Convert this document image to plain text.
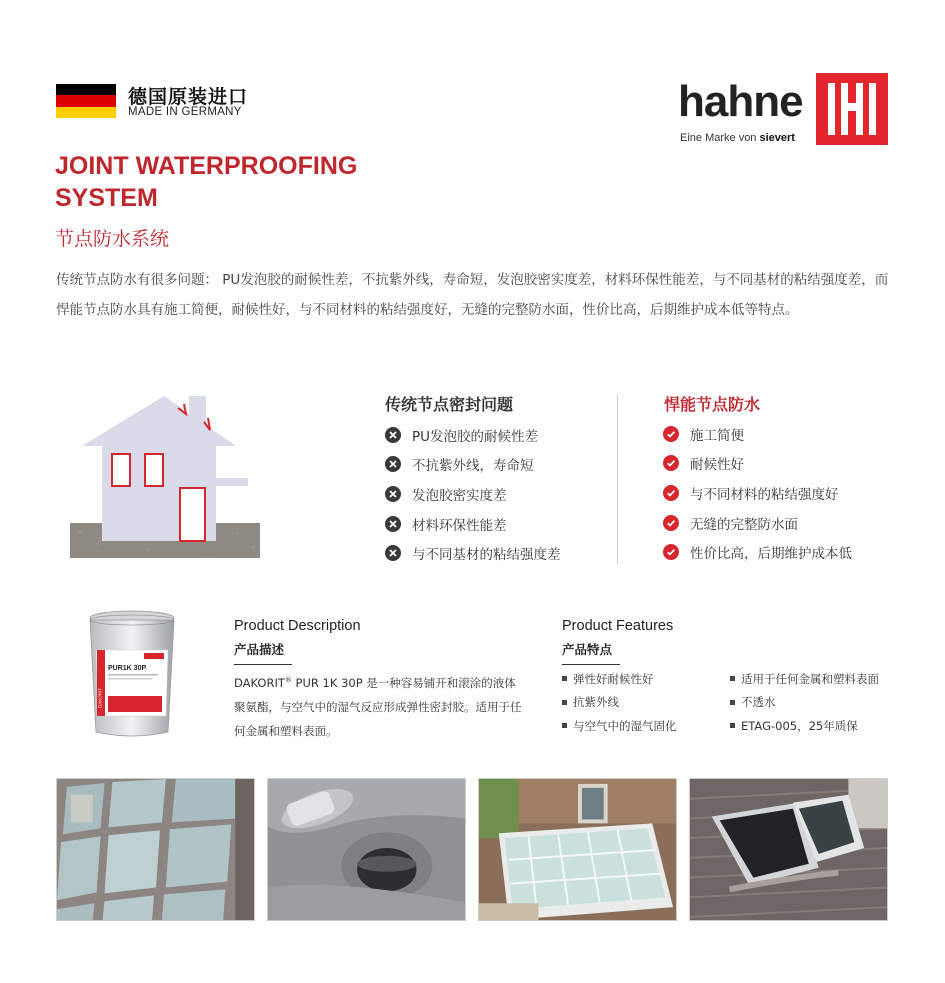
德国原装进口
MADE IN GERMANY	hahne
Eine Marke von sievert
JOINT WATERPROOFING
SYSTEM
节点防水系统
传统节点防水有很多问题： PU发泡胶的耐候性差，不抗紫外线，寿命短，发泡胶密实度差，材料环保性能差，与不同基材的粘结强度差，而悍能节点防水具有施工简便，耐候性好，与不同材料的粘结强度好，无缝的完整防水面，性价比高，后期维护成本低等特点。
传统节点密封问题
PU发泡胶的耐候性差
不抗紫外线，寿命短
发泡胶密实度差
材料环保性能差
与不同基材的粘结强度差
悍能节点防水
施工简便
耐候性好
与不同材料的粘结强度好
无缝的完整防水面
性价比高，后期维护成本低
PUR1K 30P
DAKORIT
Product Description
产品描述
DAKORIT® PUR 1K 30P 是一种容易铺开和滚涂的液体聚氨酯，与空气中的湿气反应形成弹性密封胶。适用于任何金属和塑料表面。
Product Features
产品特点
弹性好耐候性好
抗紫外线
与空气中的湿气固化
适用于任何金属和塑料表面
不透水
ETAG-005，25年质保
